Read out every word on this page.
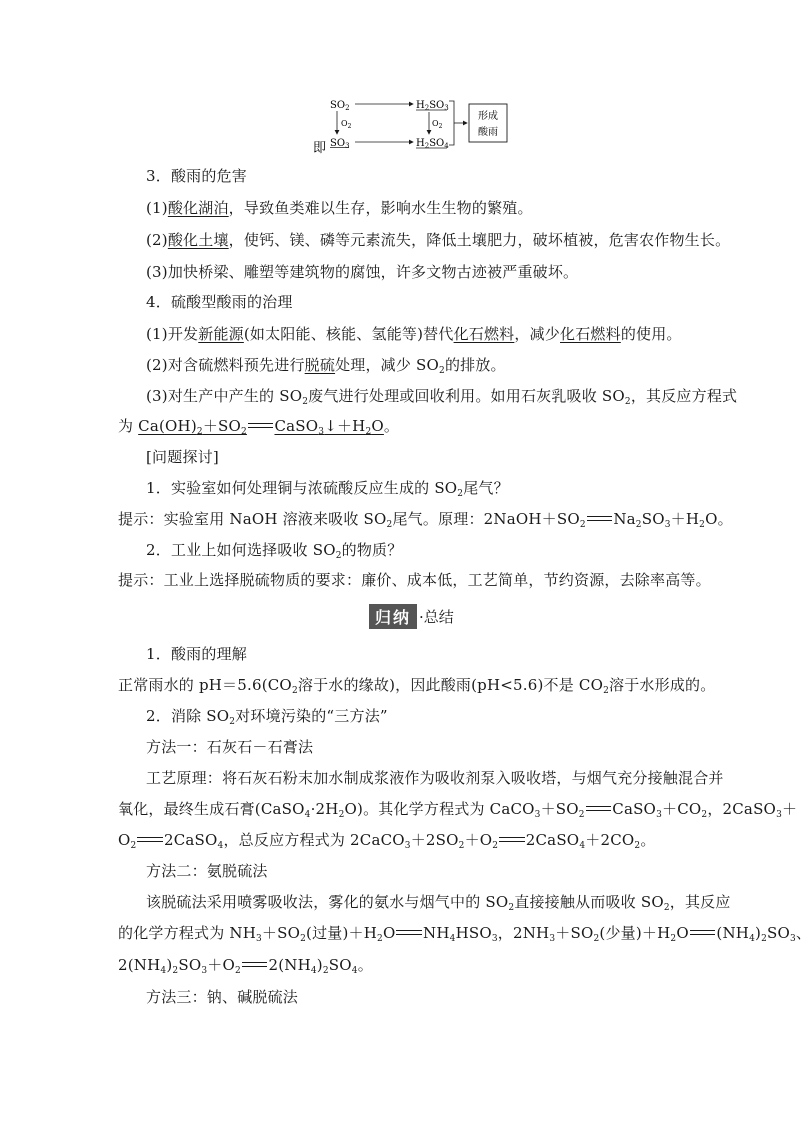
$SO_2$
即 $SO_3$
$O_2$
$H_2SO_3$
$H_2SO_4$
$O_2$
形成
酸雨
3．酸雨的危害
(1)酸化湖泊，导致鱼类难以生存，影响水生生物的繁殖。
(2)酸化土壤，使钙、镁、磷等元素流失，降低土壤肥力，破坏植被，危害农作物生长。
(3)加快桥梁、雕塑等建筑物的腐蚀，许多文物古迹被严重破坏。
4．硫酸型酸雨的治理
(1)开发新能源(如太阳能、核能、氢能等)替代化石燃料，减少化石燃料的使用。
(2)对含硫燃料预先进行脱硫处理，减少 $SO_2$的排放。
(3)对生产中产生的 $SO_2$废气进行处理或回收利用。如用石灰乳吸收 $SO_2$，其反应方程式
为 $Ca(OH)_2+SO_2$ $CaSO_3↓+H_2O$。
[问题探讨]
1．实验室如何处理铜与浓硫酸反应生成的 $SO_2$尾气？
提示：实验室用 NaOH 溶液来吸收 $SO_2$尾气。原理：$2NaOH+SO_2$ $Na_2SO_3+H_2O$。
2．工业上如何选择吸收 $SO_2$的物质？
提示：工业上选择脱硫物质的要求：廉价、成本低，工艺简单，节约资源，去除率高等。
归纳 ·总结
1．酸雨的理解
正常雨水的 $pH=5.6(CO_2$溶于水的缘故)，因此酸雨(pH<5.6)不是 $CO_2$溶于水形成的。
2．消除 $SO_2$对环境污染的“三方法”
方法一：石灰石－石膏法
工艺原理：将石灰石粉末加水制成浆液作为吸收剂泵入吸收塔，与烟气充分接触混合并
氧化，最终生成石膏$(CaSO_4\cdot 2H_2O)$。其化学方程式为 $CaCO_3+SO_2$ $CaSO_3+CO_2$，2CaSO$_3$＋
$O_2$ 2CaSO$_4$，总反应方程式为 $2CaCO_3+2SO_2+O_2$ $2CaSO_4+2CO_2$。
方法二：氨脱硫法
该脱硫法采用喷雾吸收法，雾化的氨水与烟气中的 $SO_2$直接接触从而吸收 $SO_2$，其反应
的化学方程式为 $NH_3+SO_2$(过量)$+H_2O$ $NH_4HSO_3$，$2NH_3+SO_2$(少量)$+H_2O$ $(NH_4)_2SO_3$、
$2(NH_4)_2SO_3+O_2$ $2(NH_4)_2SO_4$。
方法三：钠、碱脱硫法
